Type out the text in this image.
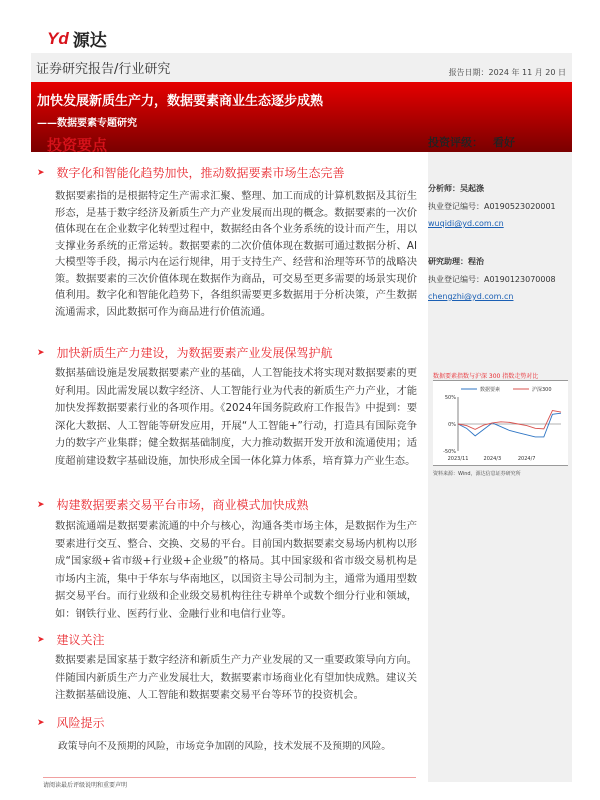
Yd 源达
证券研究报告/行业研究	报告日期：2024 年 11 月 20 日
加快发展新质生产力，数据要素商业生态逐步成熟
——数据要素专题研究
投资评级： 看好
分析师：吴起涤
执业登记编号：A0190523020001
wuqidi@yd.com.cn
研究助理：程治
执业登记编号：A0190123070008
chengzhi@yd.com.cn
数据要素指数与沪深 300 指数走势对比
50%
0%
-50%
2023/11	2024/3	2024/7
数据要素	沪深300
资料来源：Wind，源达信息证券研究所
投资要点
➤ 数字化和智能化趋势加快，推动数据要素市场生态完善
数据要素指的是根据特定生产需求汇聚、整理、加工而成的计算机数据及其衍生形态，是基于数字经济及新质生产力产业发展而出现的概念。数据要素的一次价值体现在在企业数字化转型过程中，数据经由各个业务系统的设计而产生，用以支撑业务系统的正常运转。数据要素的二次价值体现在数据可通过数据分析、AI大模型等手段，揭示内在运行规律，用于支持生产、经营和治理等环节的战略决策。数据要素的三次价值体现在数据作为商品，可交易至更多需要的场景实现价值利用。数字化和智能化趋势下，各组织需要更多数据用于分析决策，产生数据流通需求，因此数据可作为商品进行价值流通。
➤ 加快新质生产力建设，为数据要素产业发展保驾护航
数据基础设施是发展数据要素产业的基础，人工智能技术将实现对数据要素的更好利用。因此需发展以数字经济、人工智能行业为代表的新质生产力产业，才能加快发挥数据要素行业的各项作用。《2024年国务院政府工作报告》中提到：要深化大数据、人工智能等研发应用，开展“人工智能+”行动，打造具有国际竞争力的数字产业集群；健全数据基础制度，大力推动数据开发开放和流通使用；适度超前建设数字基础设施，加快形成全国一体化算力体系，培育算力产业生态。
➤ 构建数据要素交易平台市场，商业模式加快成熟
数据流通端是数据要素流通的中介与核心，沟通各类市场主体，是数据作为生产要素进行交互、整合、交换、交易的平台。目前国内数据要素交易场内机构以形成“国家级+省市级+行业级+企业级”的格局。其中国家级和省市级交易机构是市场内主流，集中于华东与华南地区，以国资主导公司制为主，通常为通用型数据交易平台。而行业级和企业级交易机构往往专耕单个或数个细分行业和领域，如：钢铁行业、医药行业、金融行业和电信行业等。
➤ 建议关注
数据要素是国家基于数字经济和新质生产力产业发展的又一重要政策导向方向。伴随国内新质生产力产业发展壮大，数据要素市场商业化有望加快成熟。建议关注数据基础设施、人工智能和数据要素交易平台等环节的投资机会。
➤ 风险提示
政策导向不及预期的风险，市场竞争加剧的风险，技术发展不及预期的风险。
请阅读最后评级说明和重要声明
